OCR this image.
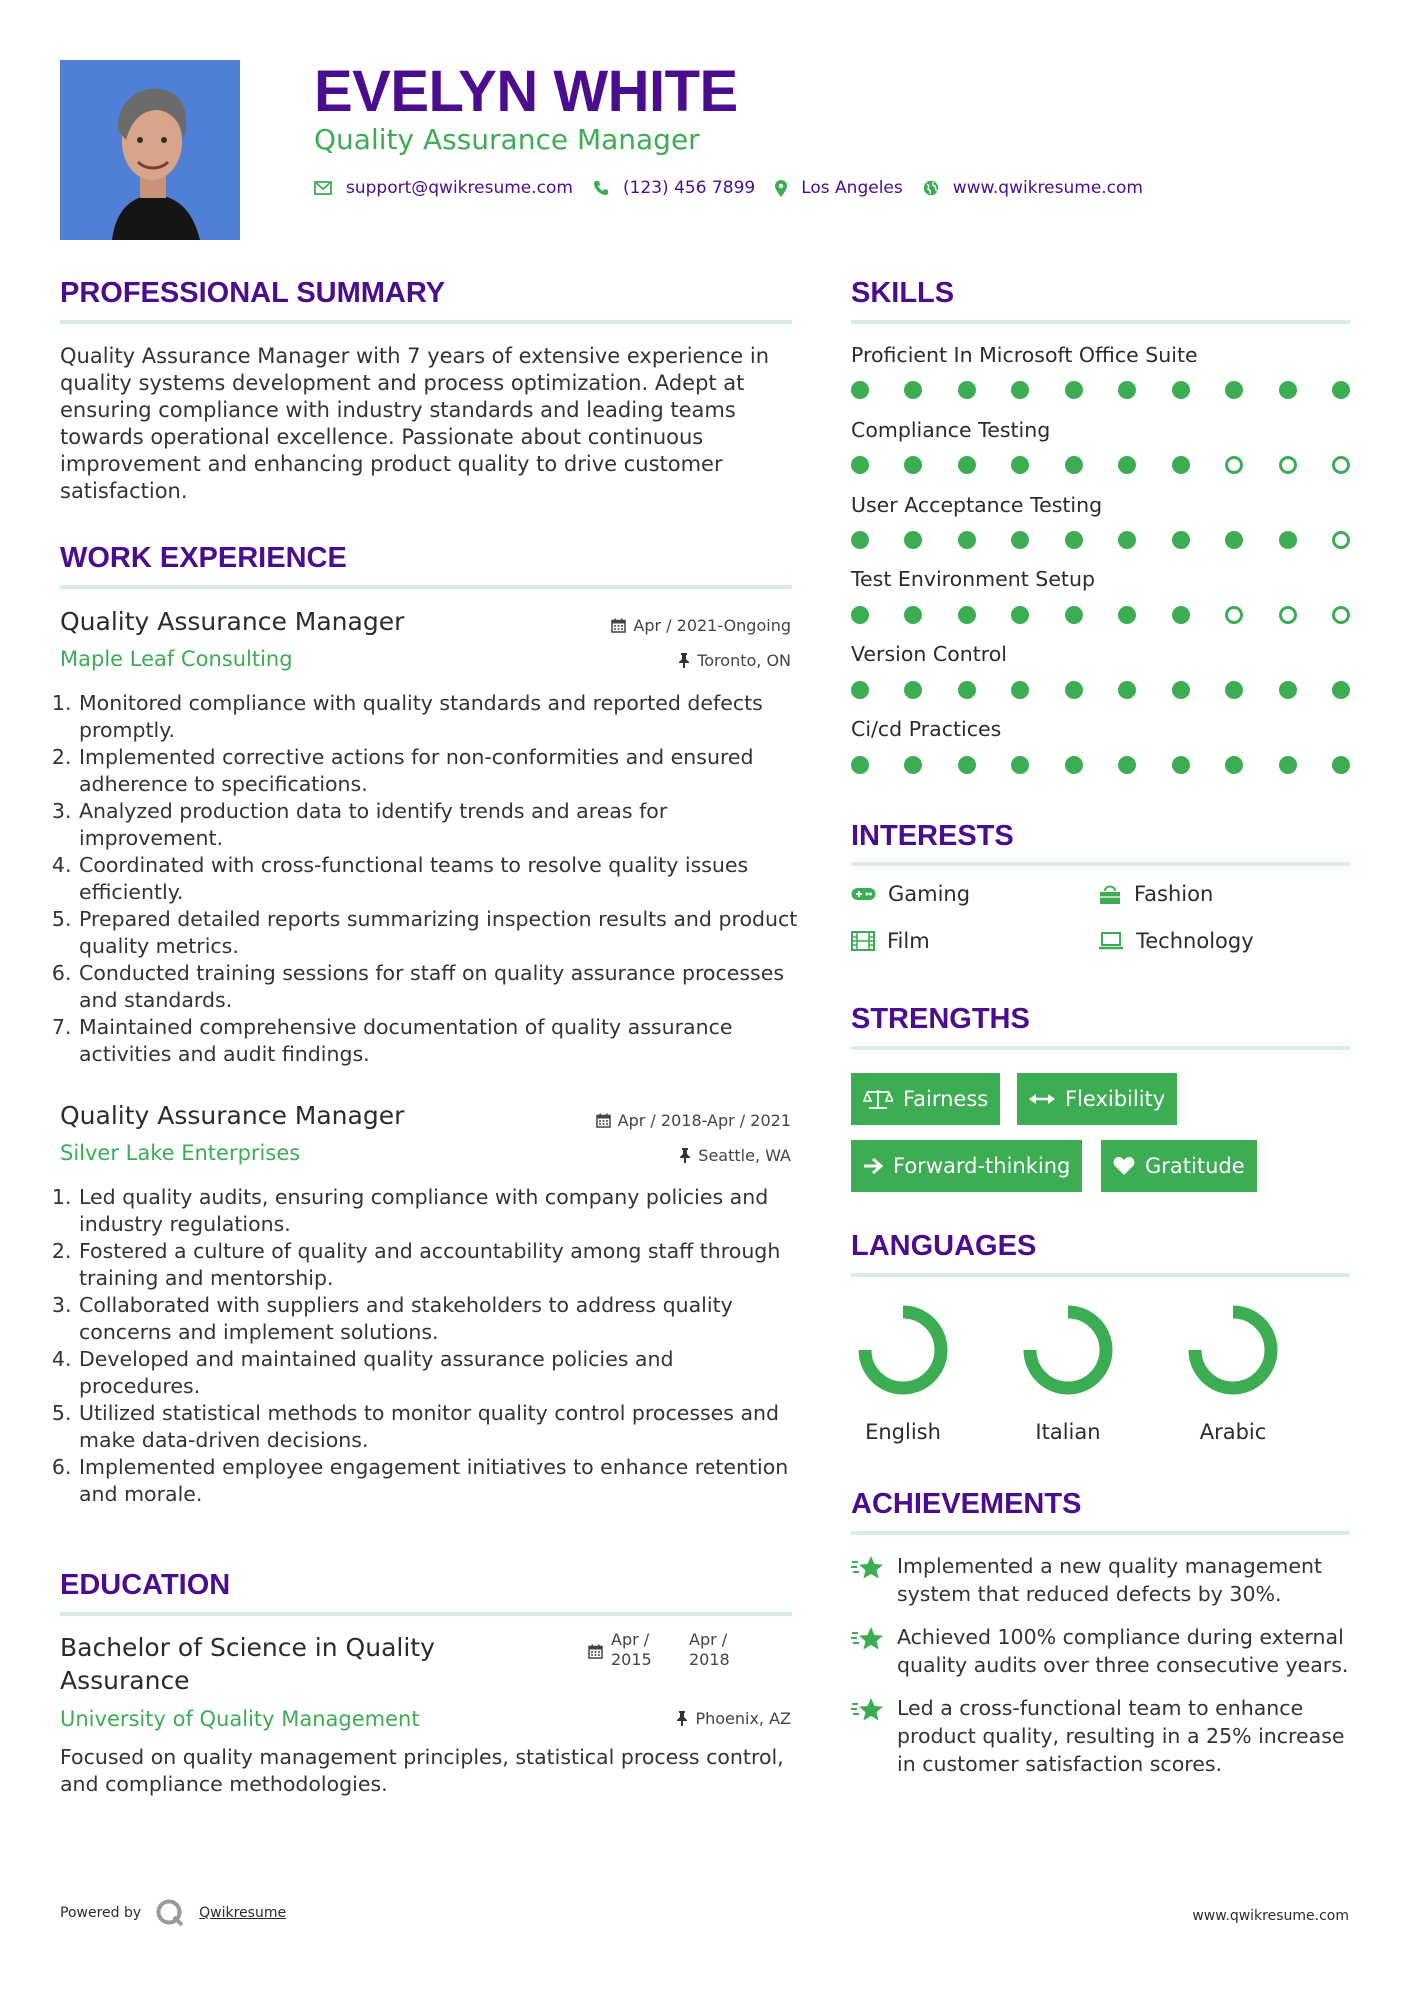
EVELYN WHITE
Quality Assurance Manager
support@qwikresume.com	(123) 456 7899	Los Angeles	www.qwikresume.com
PROFESSIONAL SUMMARY
Quality Assurance Manager with 7 years of extensive experience in quality systems development and process optimization. Adept at ensuring compliance with industry standards and leading teams towards operational excellence. Passionate about continuous improvement and enhancing product quality to drive customer satisfaction.
WORK EXPERIENCE
Quality Assurance Manager	Apr / 2021-Ongoing
Maple Leaf Consulting	Toronto, ON
1. Monitored compliance with quality standards and reported defects promptly.
2. Implemented corrective actions for non-conformities and ensured adherence to specifications.
3. Analyzed production data to identify trends and areas for improvement.
4. Coordinated with cross-functional teams to resolve quality issues efficiently.
5. Prepared detailed reports summarizing inspection results and product quality metrics.
6. Conducted training sessions for staff on quality assurance processes and standards.
7. Maintained comprehensive documentation of quality assurance activities and audit findings.
Quality Assurance Manager	Apr / 2018-Apr / 2021
Silver Lake Enterprises	Seattle, WA
1. Led quality audits, ensuring compliance with company policies and industry regulations.
2. Fostered a culture of quality and accountability among staff through training and mentorship.
3. Collaborated with suppliers and stakeholders to address quality concerns and implement solutions.
4. Developed and maintained quality assurance policies and procedures.
5. Utilized statistical methods to monitor quality control processes and make data-driven decisions.
6. Implemented employee engagement initiatives to enhance retention and morale.
EDUCATION
Bachelor of Science in Quality Assurance
Apr / 2015
Apr / 2018
University of Quality Management	Phoenix, AZ
Focused on quality management principles, statistical process control, and compliance methodologies.
SKILLS
Proficient In Microsoft Office Suite
Compliance Testing
User Acceptance Testing
Test Environment Setup
Version Control
Ci/cd Practices
INTERESTS
Gaming	Fashion
Film	Technology
STRENGTHS
Fairness	Flexibility
Forward-thinking	Gratitude
LANGUAGES
English	Italian	Arabic
ACHIEVEMENTS
Implemented a new quality management system that reduced defects by 30%.
Achieved 100% compliance during external quality audits over three consecutive years.
Led a cross-functional team to enhance product quality, resulting in a 25% increase in customer satisfaction scores.
Powered by	Qwikresume	www.qwikresume.com
